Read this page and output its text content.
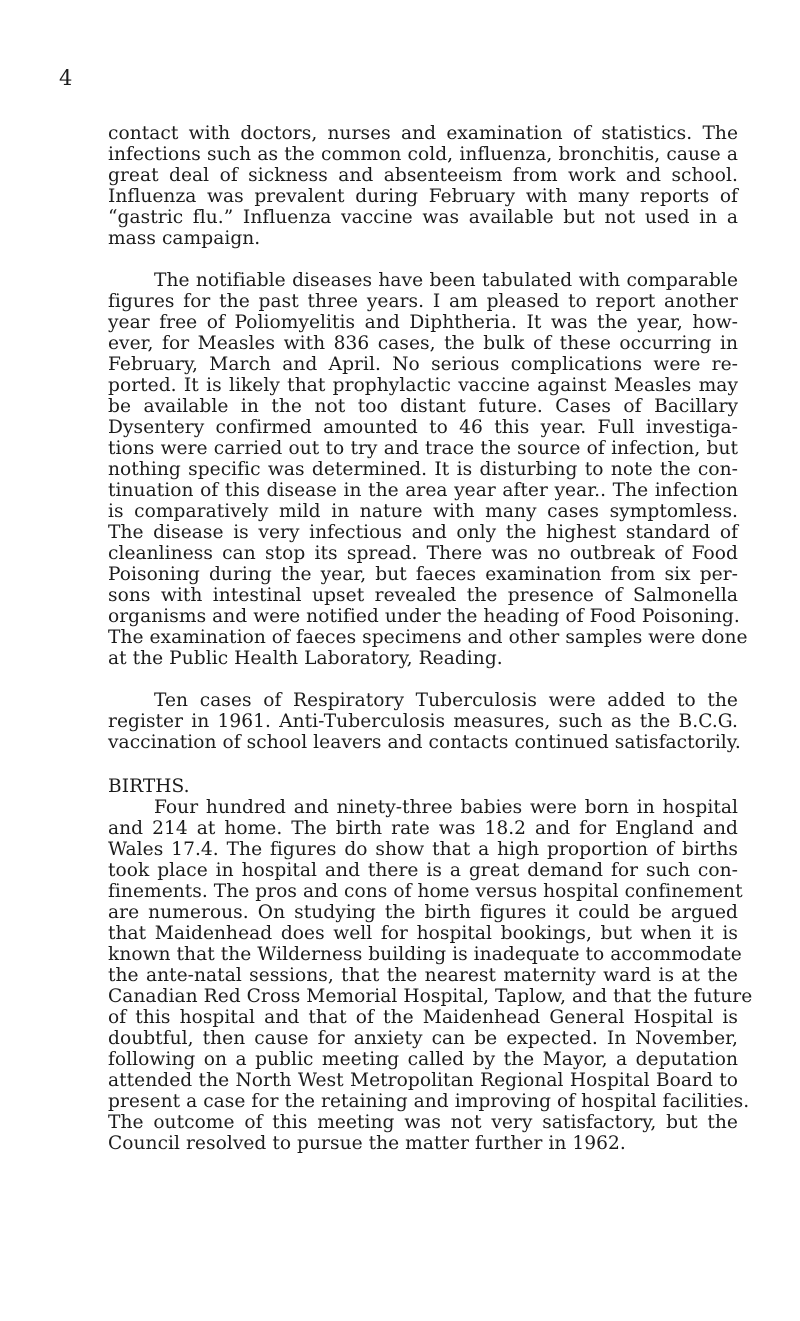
4
contact with doctors, nurses and examination of statistics. The
infections such as the common cold, influenza, bronchitis, cause a
great deal of sickness and absenteeism from work and school.
Influenza was prevalent during February with many reports of
“gastric flu.” Influenza vaccine was available but not used in a
mass campaign.
The notifiable diseases have been tabulated with comparable
figures for the past three years. I am pleased to report another
year free of Poliomyelitis and Diphtheria. It was the year, how-
ever, for Measles with 836 cases, the bulk of these occurring in
February, March and April. No serious complications were re-
ported. It is likely that prophylactic vaccine against Measles may
be available in the not too distant future. Cases of Bacillary
Dysentery confirmed amounted to 46 this year. Full investiga-
tions were carried out to try and trace the source of infection, but
nothing specific was determined. It is disturbing to note the con-
tinuation of this disease in the area year after year.. The infection
is comparatively mild in nature with many cases symptomless.
The disease is very infectious and only the highest standard of
cleanliness can stop its spread. There was no outbreak of Food
Poisoning during the year, but faeces examination from six per-
sons with intestinal upset revealed the presence of Salmonella
organisms and were notified under the heading of Food Poisoning.
The examination of faeces specimens and other samples were done
at the Public Health Laboratory, Reading.
Ten cases of Respiratory Tuberculosis were added to the
register in 1961. Anti-Tuberculosis measures, such as the B.C.G.
vaccination of school leavers and contacts continued satisfactorily.
BIRTHS.
Four hundred and ninety-three babies were born in hospital
and 214 at home. The birth rate was 18.2 and for England and
Wales 17.4. The figures do show that a high proportion of births
took place in hospital and there is a great demand for such con-
finements. The pros and cons of home versus hospital confinement
are numerous. On studying the birth figures it could be argued
that Maidenhead does well for hospital bookings, but when it is
known that the Wilderness building is inadequate to accommodate
the ante-natal sessions, that the nearest maternity ward is at the
Canadian Red Cross Memorial Hospital, Taplow, and that the future
of this hospital and that of the Maidenhead General Hospital is
doubtful, then cause for anxiety can be expected. In November,
following on a public meeting called by the Mayor, a deputation
attended the North West Metropolitan Regional Hospital Board to
present a case for the retaining and improving of hospital facilities.
The outcome of this meeting was not very satisfactory, but the
Council resolved to pursue the matter further in 1962.
